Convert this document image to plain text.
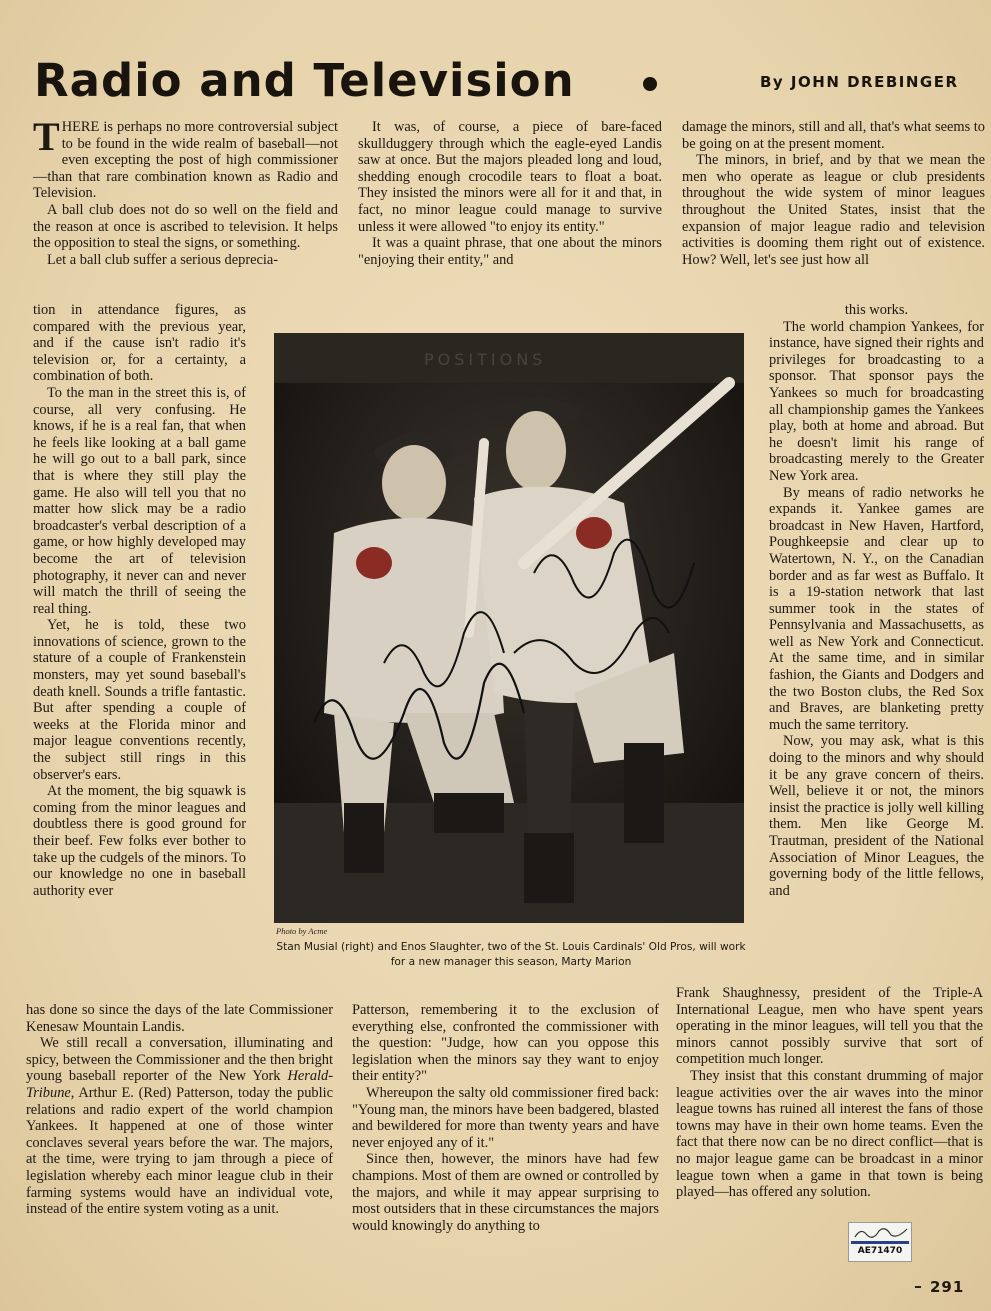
Radio and Television	By JOHN DREBINGER

THERE is perhaps no more controversial subject to be found in the wide realm of baseball—not even excepting the post of high commissioner—than that rare combination known as Radio and Television.

A ball club does not do so well on the field and the reason at once is ascribed to television. It helps the opposition to steal the signs, or something.

Let a ball club suffer a serious deprecia-

tion in attendance figures, as compared with the previous year, and if the cause isn't radio it's television or, for a certainty, a combination of both.

To the man in the street this is, of course, all very confusing. He knows, if he is a real fan, that when he feels like looking at a ball game he will go out to a ball park, since that is where they still play the game. He also will tell you that no matter how slick may be a radio broadcaster's verbal description of a game, or how highly developed may become the art of television photography, it never can and never will match the thrill of seeing the real thing.

Yet, he is told, these two innovations of science, grown to the stature of a couple of Frankenstein monsters, may yet sound baseball's death knell. Sounds a trifle fantastic. But after spending a couple of weeks at the Florida minor and major league conventions recently, the subject still rings in this observer's ears.

At the moment, the big squawk is coming from the minor leagues and doubtless there is good ground for their beef. Few folks ever bother to take up the cudgels of the minors. To our knowledge no one in baseball authority ever

has done so since the days of the late Commissioner Kenesaw Mountain Landis.

We still recall a conversation, illuminating and spicy, between the Commissioner and the then bright young baseball reporter of the New York Herald-Tribune, Arthur E. (Red) Patterson, today the public relations and radio expert of the world champion Yankees. It happened at one of those winter conclaves several years before the war. The majors, at the time, were trying to jam through a piece of legislation whereby each minor league club in their farming systems would have an individual vote, instead of the entire system voting as a unit.

It was, of course, a piece of bare-faced skullduggery through which the eagle-eyed Landis saw at once. But the majors pleaded long and loud, shedding enough crocodile tears to float a boat. They insisted the minors were all for it and that, in fact, no minor league could manage to survive unless it were allowed "to enjoy its entity."

It was a quaint phrase, that one about the minors "enjoying their entity," and

Patterson, remembering it to the exclusion of everything else, confronted the commissioner with the question: "Judge, how can you oppose this legislation when the minors say they want to enjoy their entity?"

Whereupon the salty old commissioner fired back: "Young man, the minors have been badgered, blasted and bewildered for more than twenty years and have never enjoyed any of it."

Since then, however, the minors have had few champions. Most of them are owned or controlled by the majors, and while it may appear surprising to most outsiders that in these circumstances the majors would knowingly do anything to

damage the minors, still and all, that's what seems to be going on at the present moment.

The minors, in brief, and by that we mean the men who operate as league or club presidents throughout the wide system of minor leagues throughout the United States, insist that the expansion of major league radio and television activities is dooming them right out of existence. How? Well, let's see just how all

this works.

The world champion Yankees, for instance, have signed their rights and privileges for broadcasting to a sponsor. That sponsor pays the Yankees so much for broadcasting all championship games the Yankees play, both at home and abroad. But he doesn't limit his range of broadcasting merely to the Greater New York area.

By means of radio networks he expands it. Yankee games are broadcast in New Haven, Hartford, Poughkeepsie and clear up to Watertown, N. Y., on the Canadian border and as far west as Buffalo. It is a 19-station network that last summer took in the states of Pennsylvania and Massachusetts, as well as New York and Connecticut. At the same time, and in similar fashion, the Giants and Dodgers and the two Boston clubs, the Red Sox and Braves, are blanketing pretty much the same territory.

Now, you may ask, what is this doing to the minors and why should it be any grave concern of theirs. Well, believe it or not, the minors insist the practice is jolly well killing them. Men like George M. Trautman, president of the National Association of Minor Leagues, the governing body of the little fellows, and

Frank Shaughnessy, president of the Triple-A International League, men who have spent years operating in the minor leagues, will tell you that the minors cannot possibly survive that sort of competition much longer.

They insist that this constant drumming of major league activities over the air waves into the minor league towns has ruined all interest the fans of those towns may have in their own home teams. Even the fact that there now can be no direct conflict—that is no major league game can be broadcast in a minor league town when a game in that town is being played—has offered any solution.

POSITIONS
Photo by Acme
Stan Musial (right) and Enos Slaughter, two of the St. Louis Cardinals' Old Pros, will work for a new manager this season, Marty Marion
AE71470
291
